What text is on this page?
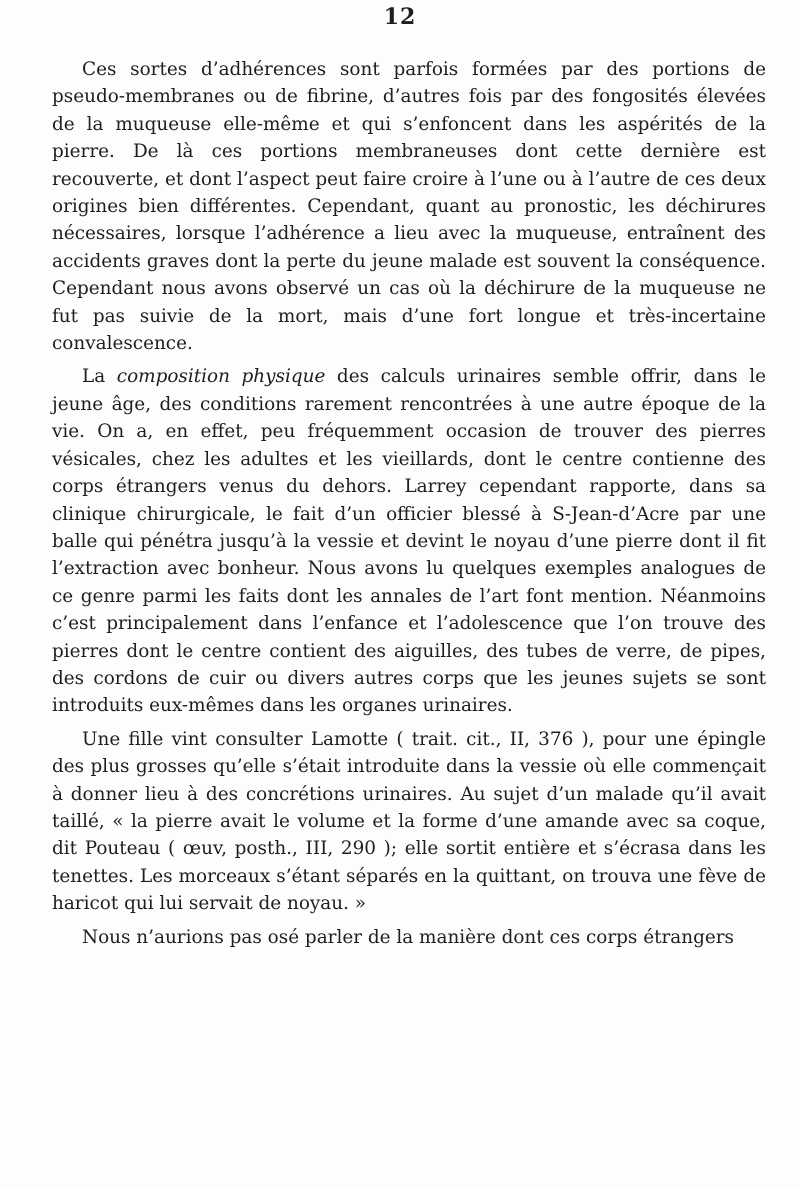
12

Ces sortes d’adhérences sont parfois formées par des portions de pseudo-membranes ou de fibrine, d’autres fois par des fongosités élevées de la muqueuse elle-même et qui s’enfoncent dans les aspérités de la pierre. De là ces portions membraneuses dont cette dernière est recouverte, et dont l’aspect peut faire croire à l’une ou à l’autre de ces deux origines bien différentes. Cependant, quant au pronostic, les déchirures nécessaires, lorsque l’adhérence a lieu avec la muqueuse, entraînent des accidents graves dont la perte du jeune malade est souvent la conséquence. Cependant nous avons observé un cas où la déchirure de la muqueuse ne fut pas suivie de la mort, mais d’une fort longue et très-incertaine convalescence.

La composition physique des calculs urinaires semble offrir, dans le jeune âge, des conditions rarement rencontrées à une autre époque de la vie. On a, en effet, peu fréquemment occasion de trouver des pierres vésicales, chez les adultes et les vieillards, dont le centre contienne des corps étrangers venus du dehors. Larrey cependant rapporte, dans sa clinique chirurgicale, le fait d’un officier blessé à S‑Jean-d’Acre par une balle qui pénétra jusqu’à la vessie et devint le noyau d’une pierre dont il fit l’extraction avec bonheur. Nous avons lu quelques exemples analogues de ce genre parmi les faits dont les annales de l’art font mention. Néanmoins c’est principalement dans l’enfance et l’adolescence que l’on trouve des pierres dont le centre contient des aiguilles, des tubes de verre, de pipes, des cordons de cuir ou divers autres corps que les jeunes sujets se sont introduits eux-mêmes dans les organes urinaires.

Une fille vint consulter Lamotte ( trait. cit., II, 376 ), pour une épingle des plus grosses qu’elle s’était introduite dans la vessie où elle commençait à donner lieu à des concrétions urinaires. Au sujet d’un malade qu’il avait taillé, « la pierre avait le volume et la forme d’une amande avec sa coque, dit Pouteau ( œuv, posth., III, 290 ); elle sortit entière et s’écrasa dans les tenettes. Les morceaux s’étant séparés en la quittant, on trouva une fève de haricot qui lui servait de noyau. »

Nous n’aurions pas osé parler de la manière dont ces corps étrangers
